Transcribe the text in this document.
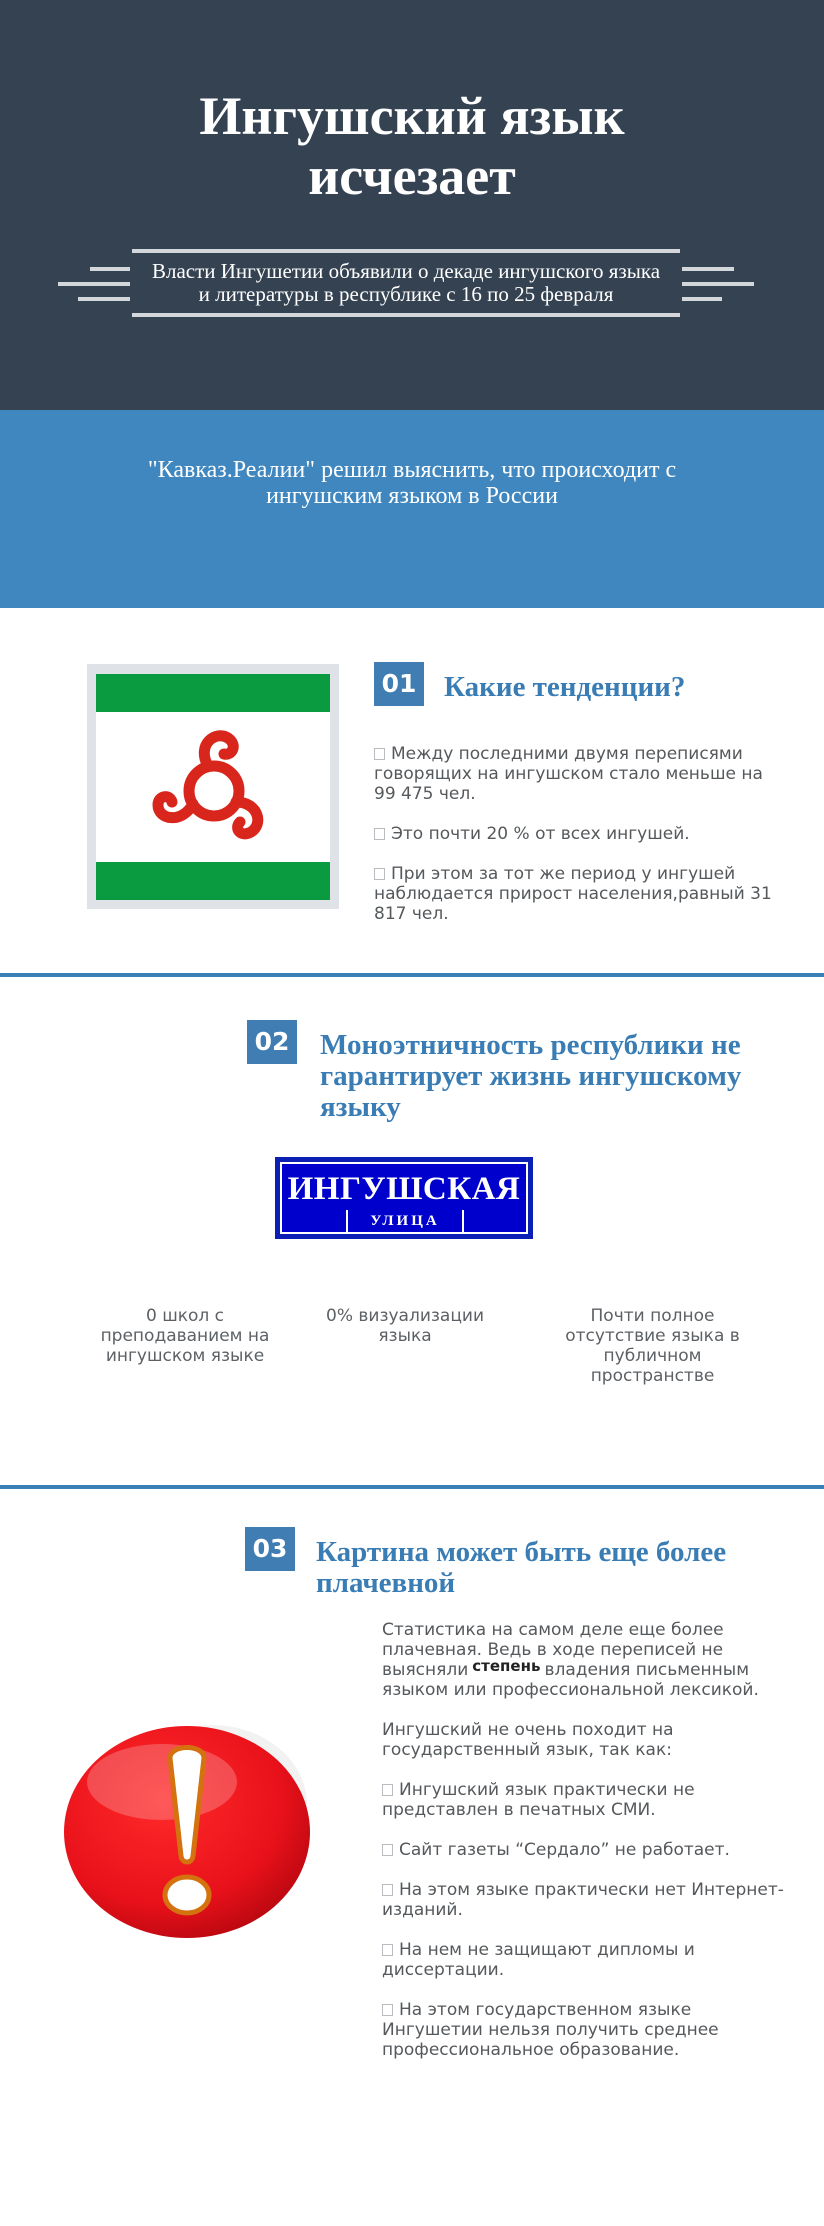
Ингушский язык
исчезает
Власти Ингушетии объявили о декаде ингушского языка
и литературы в республике с 16 по 25 февраля
"Кавказ.Реалии" решил выяснить, что происходит с
ингушским языком в России
01 Какие тенденции?
Между последними двумя переписями говорящих на ингушском стало меньше на 99 475 чел.
Это почти 20 % от всех ингушей.
При этом за тот же период у ингушей наблюдается прирост населения,равный 31 817 чел.
02 Моноэтничность республики не
гарантирует жизнь ингушскому
языку
ИНГУШСКАЯ
УЛИЦА
0 школ с преподаванием на ингушском языке
0% визуализации языка
Почти полное отсутствие языка в публичном пространстве
03 Картина может быть еще более
плачевной
Статистика на самом деле еще более плачевная. Ведь в ходе переписей не выясняли степень владения письменным языком или профессиональной лексикой.
Ингушский не очень походит на государственный язык, так как:
Ингушский язык практически не представлен в печатных СМИ.
Сайт газеты “Сердало” не работает.
На этом языке практически нет Интернет-изданий.
На нем не защищают дипломы и диссертации.
На этом государственном языке Ингушетии нельзя получить среднее профессиональное образование.
